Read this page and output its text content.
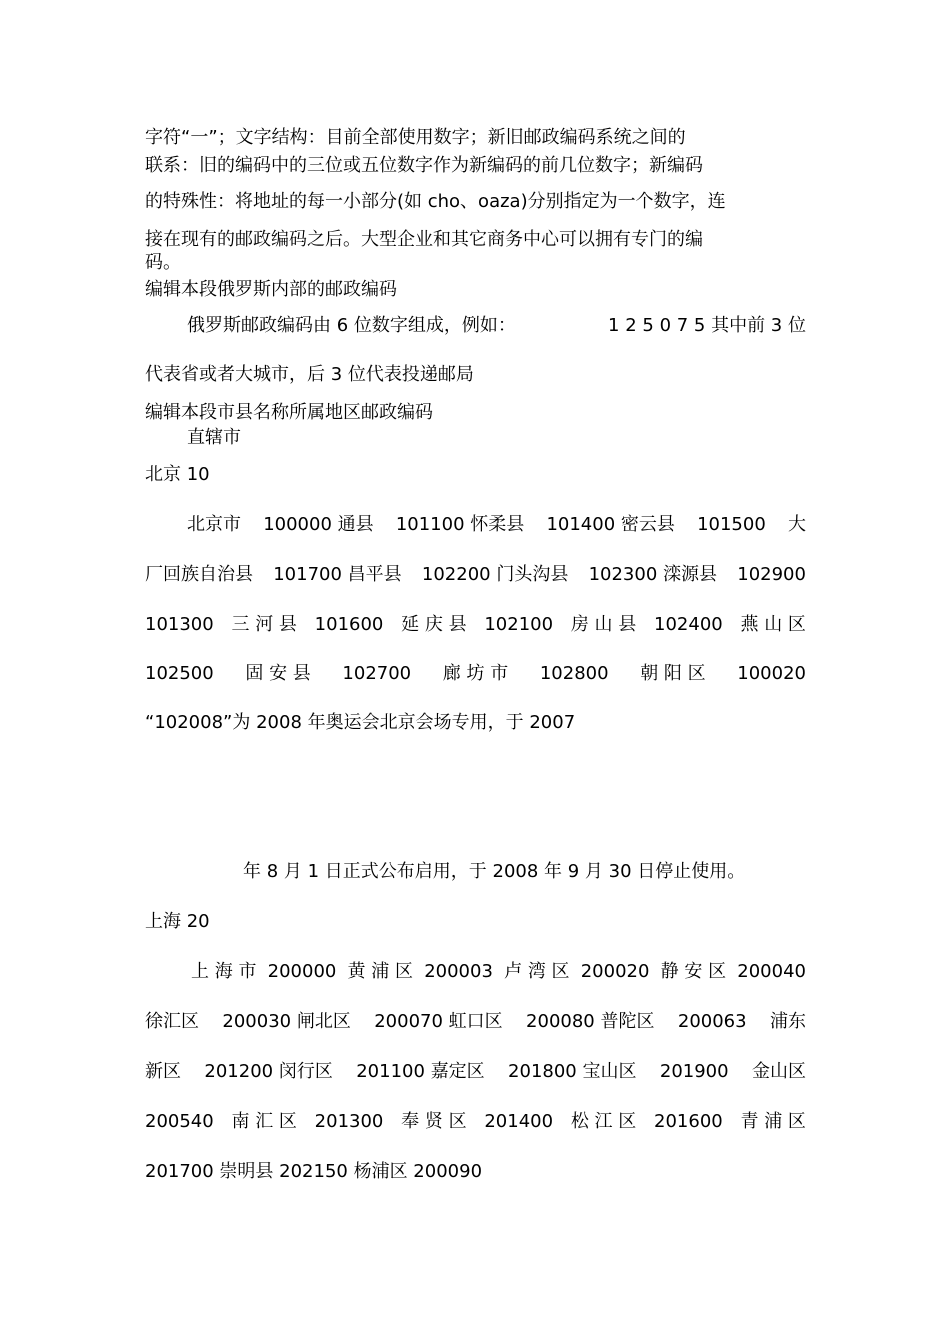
字符“一”；文字结构：目前全部使用数字；新旧邮政编码系统之间的
联系：旧的编码中的三位或五位数字作为新编码的前几位数字；新编码
的特殊性：将地址的每一小部分(如 cho、oaza)分别指定为一个数字，连
接在现有的邮政编码之后。大型企业和其它商务中心可以拥有专门的编
码。
编辑本段俄罗斯内部的邮政编码
俄罗斯邮政编码由 6 位数字组成，例如：	1 2 5 0 7 5 其中前 3 位
代表省或者大城市，后 3 位代表投递邮局
编辑本段市县名称所属地区邮政编码
直辖市
北京 10
北京市 100000 通县 101100 怀柔县 101400 密云县 101500 大
厂回族自治县 101700 昌平县 102200 门头沟县 102300 滦源县 102900
101300 三 河 县 101600 延 庆 县 102100 房 山 县 102400 燕 山 区
102500 固 安 县 102700 廊 坊 市 102800 朝 阳 区 100020
“102008”为 2008 年奥运会北京会场专用，于 2007
年 8 月 1 日正式公布启用，于 2008 年 9 月 30 日停止使用。
上海 20
上 海 市 200000 黄 浦 区 200003 卢 湾 区 200020 静 安 区 200040
徐汇区 200030 闸北区 200070 虹口区 200080 普陀区 200063 浦东
新区 201200 闵行区 201100 嘉定区 201800 宝山区 201900 金山区
200540 南 汇 区 201300 奉 贤 区 201400 松 江 区 201600 青 浦 区
201700 崇明县 202150 杨浦区 200090
